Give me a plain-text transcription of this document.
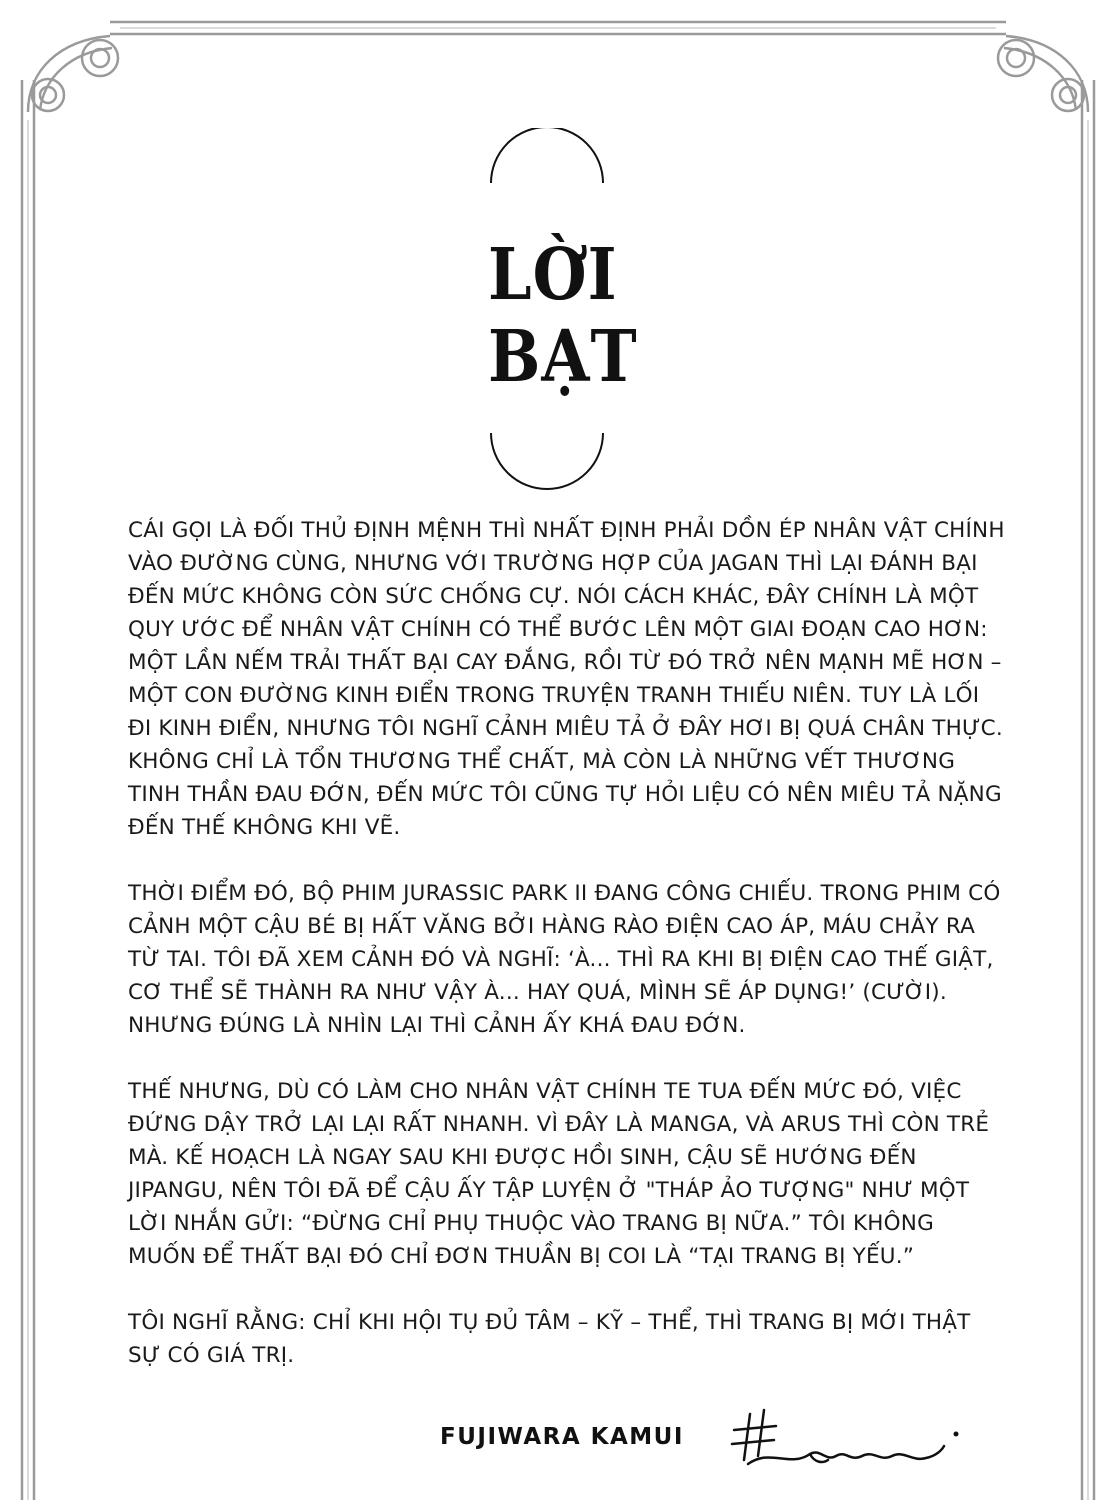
LỜI
BẠT

CÁI GỌI LÀ ĐỐI THỦ ĐỊNH MỆNH THÌ NHẤT ĐỊNH PHẢI DỒN ÉP NHÂN VẬT CHÍNH VÀO ĐƯỜNG CÙNG, NHƯNG VỚI TRƯỜNG HỢP CỦA JAGAN THÌ LẠI ĐÁNH BẠI ĐẾN MỨC KHÔNG CÒN SỨC CHỐNG CỰ. NÓI CÁCH KHÁC, ĐÂY CHÍNH LÀ MỘT QUY ƯỚC ĐỂ NHÂN VẬT CHÍNH CÓ THỂ BƯỚC LÊN MỘT GIAI ĐOẠN CAO HƠN: MỘT LẦN NẾM TRẢI THẤT BẠI CAY ĐẮNG, RỒI TỪ ĐÓ TRỞ NÊN MẠNH MẼ HƠN – MỘT CON ĐƯỜNG KINH ĐIỂN TRONG TRUYỆN TRANH THIẾU NIÊN. TUY LÀ LỐI ĐI KINH ĐIỂN, NHƯNG TÔI NGHĨ CẢNH MIÊU TẢ Ở ĐÂY HƠI BỊ QUÁ CHÂN THỰC. KHÔNG CHỈ LÀ TỔN THƯƠNG THỂ CHẤT, MÀ CÒN LÀ NHỮNG VẾT THƯƠNG TINH THẦN ĐAU ĐỚN, ĐẾN MỨC TÔI CŨNG TỰ HỎI LIỆU CÓ NÊN MIÊU TẢ NẶNG ĐẾN THẾ KHÔNG KHI VẼ.

THỜI ĐIỂM ĐÓ, BỘ PHIM JURASSIC PARK II ĐANG CÔNG CHIẾU. TRONG PHIM CÓ CẢNH MỘT CẬU BÉ BỊ HẤT VĂNG BỞI HÀNG RÀO ĐIỆN CAO ÁP, MÁU CHẢY RA TỪ TAI. TÔI ĐÃ XEM CẢNH ĐÓ VÀ NGHĨ: ‘À... THÌ RA KHI BỊ ĐIỆN CAO THẾ GIẬT, CƠ THỂ SẼ THÀNH RA NHƯ VẬY À... HAY QUÁ, MÌNH SẼ ÁP DỤNG!’ (CƯỜI). NHƯNG ĐÚNG LÀ NHÌN LẠI THÌ CẢNH ẤY KHÁ ĐAU ĐỚN.

THẾ NHƯNG, DÙ CÓ LÀM CHO NHÂN VẬT CHÍNH TE TUA ĐẾN MỨC ĐÓ, VIỆC ĐỨNG DẬY TRỞ LẠI LẠI RẤT NHANH. VÌ ĐÂY LÀ MANGA, VÀ ARUS THÌ CÒN TRẺ MÀ. KẾ HOẠCH LÀ NGAY SAU KHI ĐƯỢC HỒI SINH, CẬU SẼ HƯỚNG ĐẾN JIPANGU, NÊN TÔI ĐÃ ĐỂ CẬU ẤY TẬP LUYỆN Ở "THÁP ẢO TƯỢNG" NHƯ MỘT LỜI NHẮN GỬI: “ĐỪNG CHỈ PHỤ THUỘC VÀO TRANG BỊ NỮA.” TÔI KHÔNG MUỐN ĐỂ THẤT BẠI ĐÓ CHỈ ĐƠN THUẦN BỊ COI LÀ “TẠI TRANG BỊ YẾU.”

TÔI NGHĨ RẰNG: CHỈ KHI HỘI TỤ ĐỦ TÂM – KỸ – THỂ, THÌ TRANG BỊ MỚI THẬT SỰ CÓ GIÁ TRỊ.

FUJIWARA KAMUI
